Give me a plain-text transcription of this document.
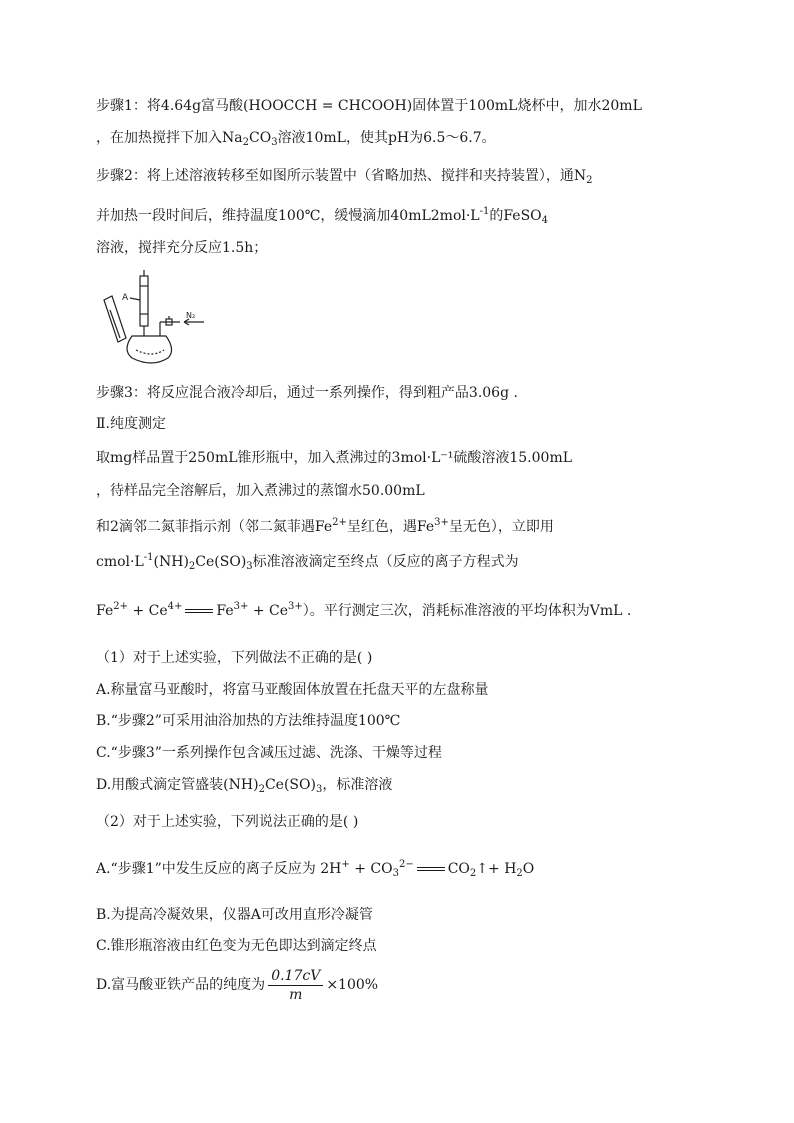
步骤1：将4.64g富马酸(HOOCCH = CHCOOH)固体置于100mL烧杯中，加水20mL
，在加热搅拌下加入$Na_2CO_3$溶液10mL，使其pH为6.5～6.7。
步骤2：将上述溶液转移至如图所示装置中（省略加热、搅拌和夹持装置），通$N_2$
并加热一段时间后，维持温度100℃，缓慢滴加$40mL2mol\cdot L^{-1}$的FeSO$_4$
溶液，搅拌充分反应1.5h；
A
N₂
步骤3：将反应混合液冷却后，通过一系列操作，得到粗产品3.06g .
Ⅱ.纯度测定
取mg样品置于250mL锥形瓶中，加入煮沸过的3mol·L⁻¹硫酸溶液15.00mL
，待样品完全溶解后，加入煮沸过的蒸馏水50.00mL
和2滴邻二氮菲指示剂（邻二氮菲遇$Fe^{2+}$呈红色，遇$Fe^{3+}$呈无色），立即用
$cmol\cdot L^{-1}(NH)_2Ce(SO)_3$标准溶液滴定至终点（反应的离子方程式为
$Fe^{2+} + Ce^{4+}$ $Fe^{3+} + Ce^{3+}$）。平行测定三次，消耗标准溶液的平均体积为VmL .
（1）对于上述实验，下列做法不正确的是( )
A.称量富马亚酸时，将富马亚酸固体放置在托盘天平的左盘称量
B.“步骤2”可采用油浴加热的方法维持温度100℃
C.“步骤3”一系列操作包含减压过滤、洗涤、干燥等过程
D.用酸式滴定管盛装$(NH)_2Ce(SO)_3$，标准溶液
（2）对于上述实验，下列说法正确的是( )
A.“步骤1”中发生反应的离子反应为 $2H^+ + CO_3^{2-}$ $CO_2↑+ H_2O$
B.为提高冷凝效果，仪器A可改用直形冷凝管
C.锥形瓶溶液由红色变为无色即达到滴定终点
D.富马酸亚铁产品的纯度为 $\frac{0.17cV}{m} \times 100\%$
